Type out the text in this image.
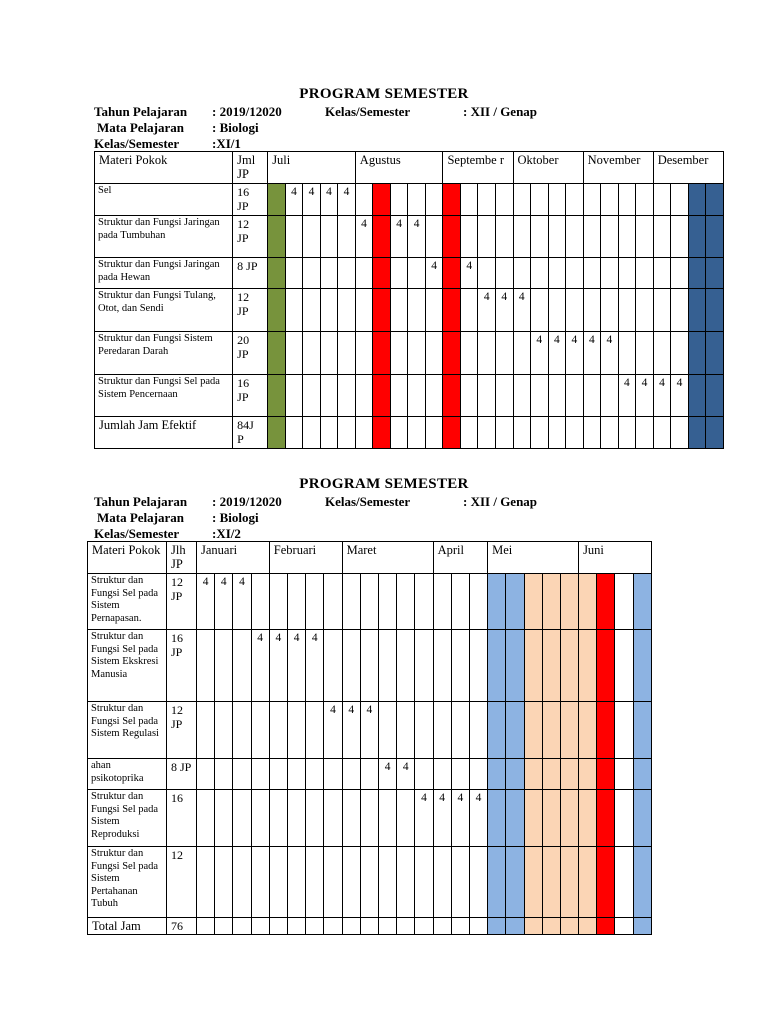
PROGRAM SEMESTER
Tahun Pelajaran : 2019/12020	Kelas/Semester	: XII / Genap
Mata Pelajaran : Biologi
Kelas/Semester	:XI/1
Materi Pokok	Jml JP	Juli					Agustus					Septembe r				Oktober				November				Desember			
Sel	16 JP		4	4	4	4																					
Struktur dan Fungsi Jaringan pada Tumbuhan	12 JP						4		4	4																	
Struktur dan Fungsi Jaringan pada Hewan	8 JP										4		4														
Struktur dan Fungsi Tulang, Otot, dan Sendi	12 JP													4	4	4											
Struktur dan Fungsi Sistem Peredaran Darah	20 JP																4	4	4	4	4						
Struktur dan Fungsi Sel pada Sistem Pencernaan	16 JP																					4	4	4	4		
Jumlah Jam Efektif	84J P																										
PROGRAM SEMESTER
Tahun Pelajaran : 2019/12020	Kelas/Semester	: XII / Genap
Mata Pelajaran : Biologi
Kelas/Semester	:XI/2
Materi Pokok	Jlh JP	Januari				Februari				Maret					April			Mei					Juni			
Struktur dan Fungsi Sel pada Sistem Pernapasan.	12 JP	4	4	4																						
Struktur dan Fungsi Sel pada Sistem Ekskresi Manusia	16 JP				4	4	4	4																		
Struktur dan Fungsi Sel pada Sistem Regulasi	12 JP								4	4	4															
ahan psikotoprika	8 JP											4	4													
Struktur dan Fungsi Sel pada Sistem Reproduksi	16													4	4	4	4									
Struktur dan Fungsi Sel pada Sistem Pertahanan Tubuh	12																									
Total Jam	76																									
